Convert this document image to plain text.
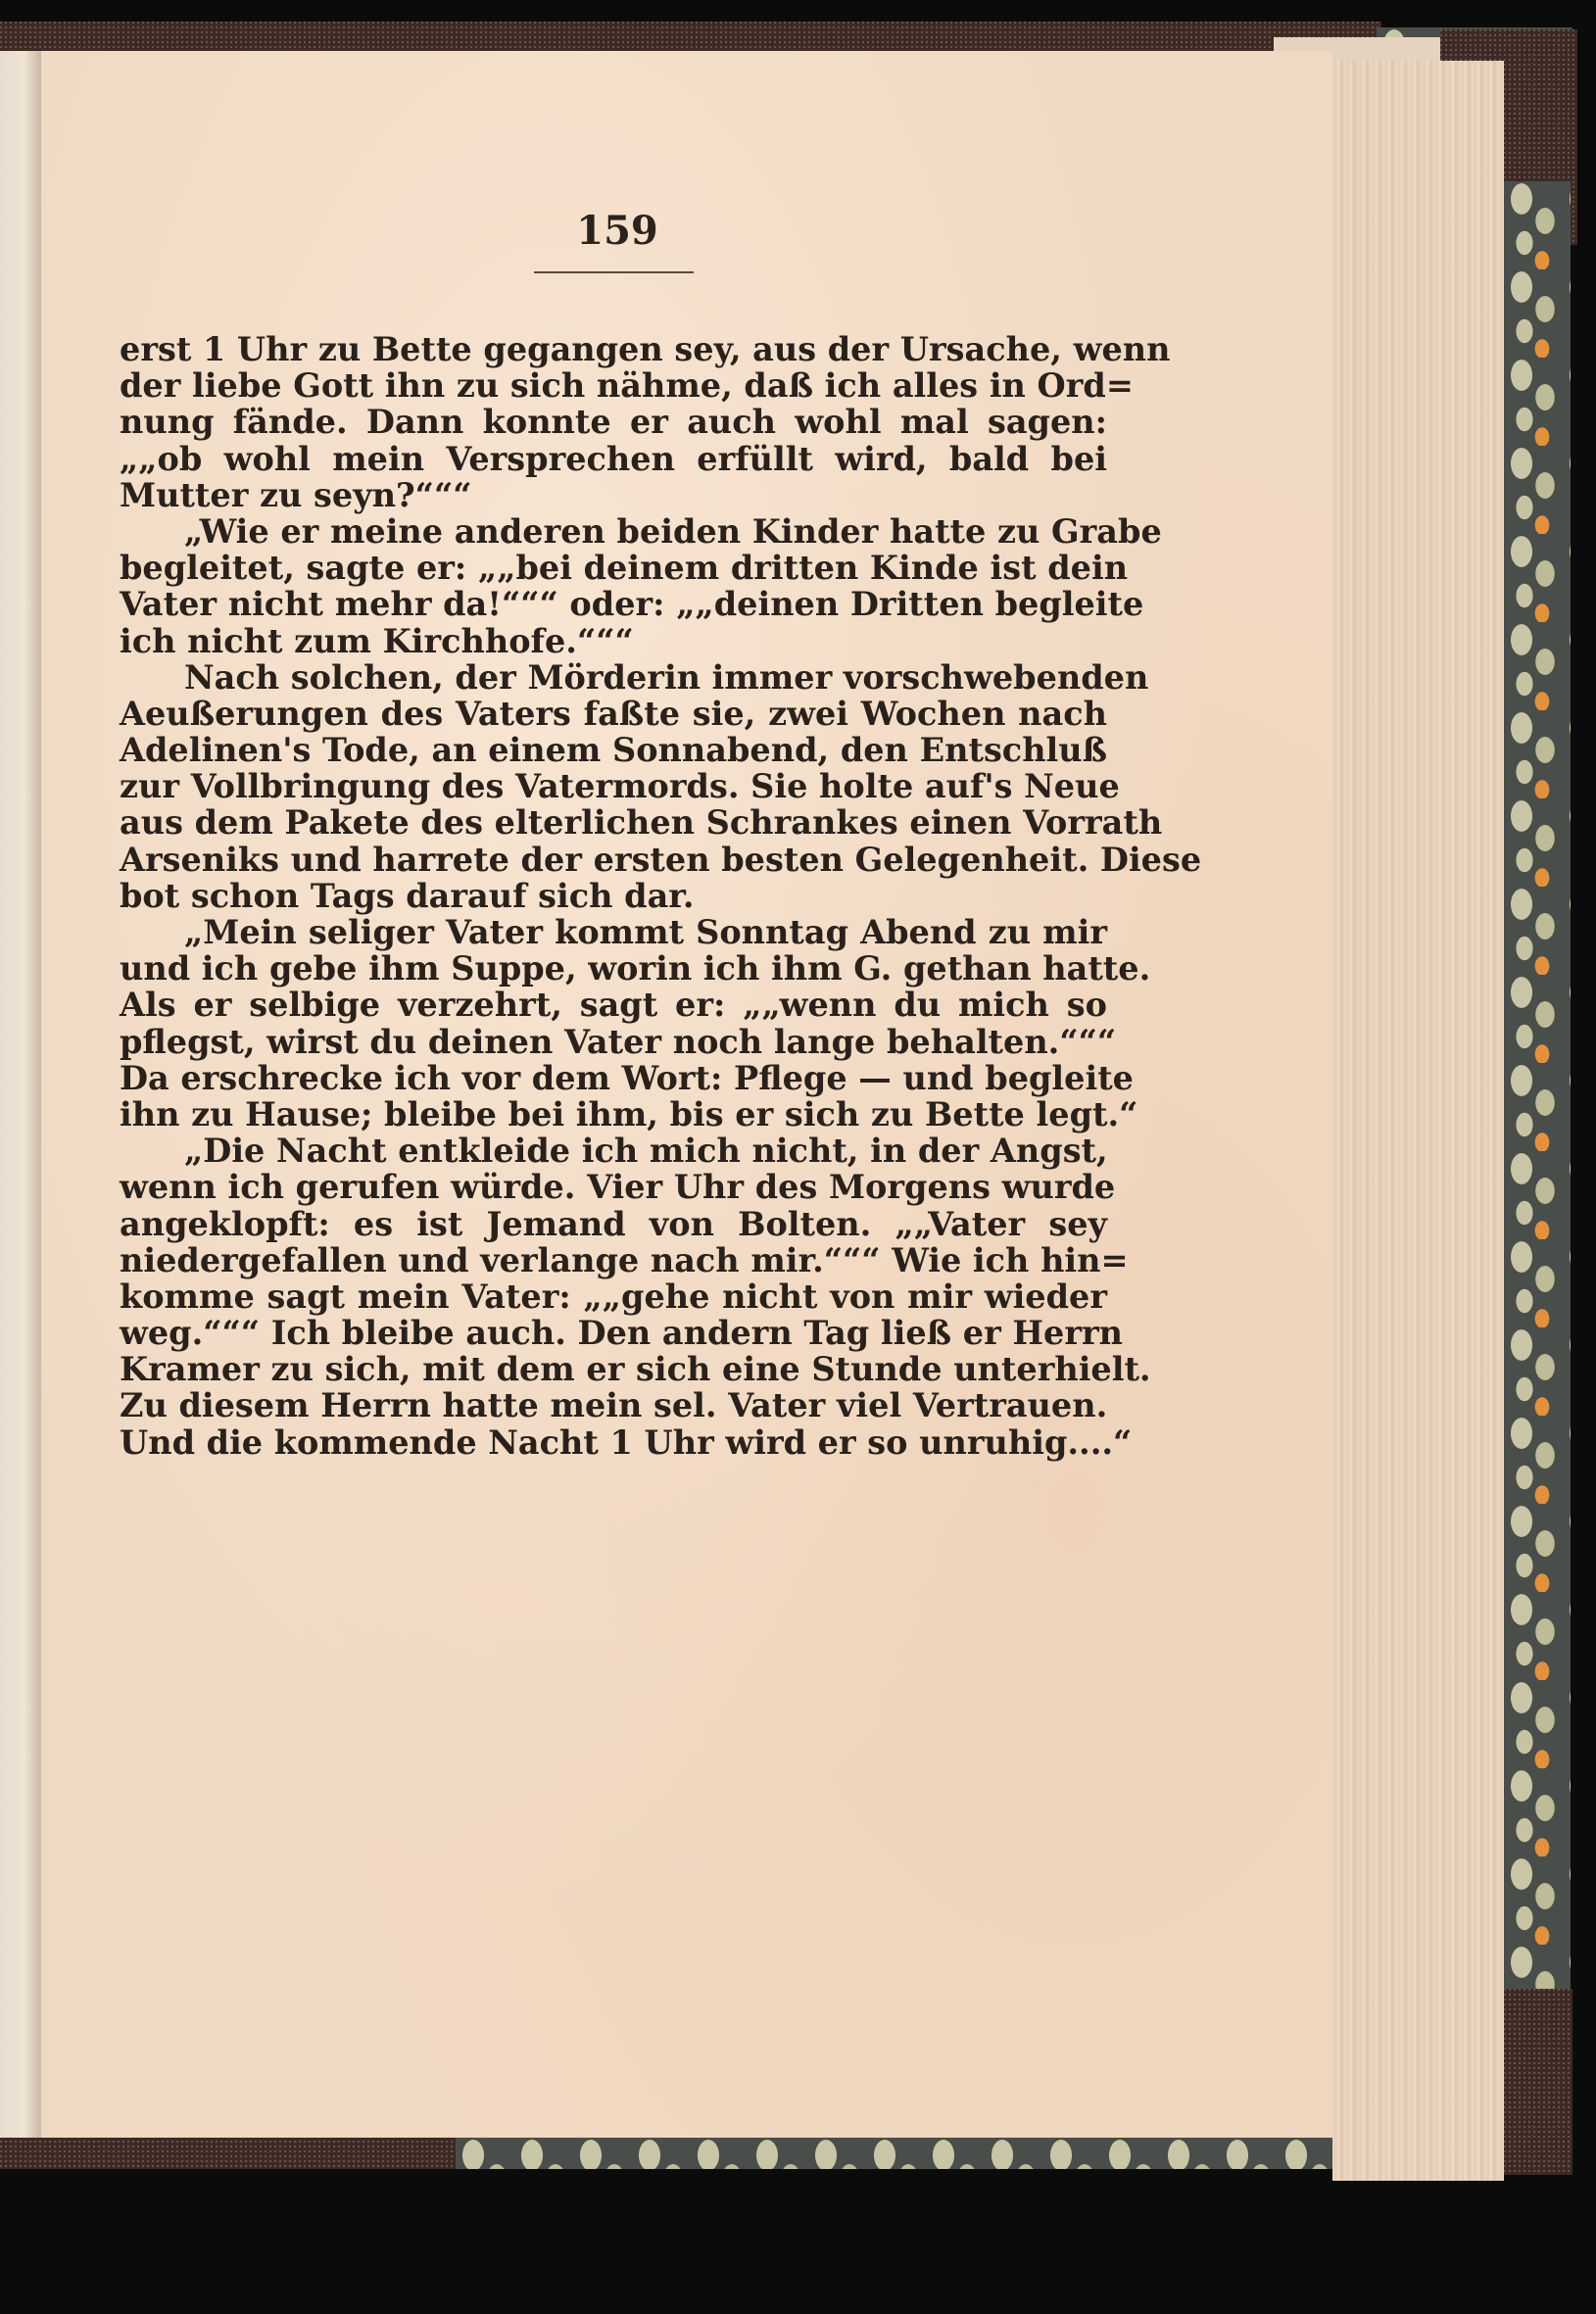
159
erst 1 Uhr zu Bette gegangen sey, aus der Ursache, wenn
der liebe Gott ihn zu sich nähme, daß ich alles in Ord=
nung fände. Dann konnte er auch wohl mal sagen:
„„ob wohl mein Versprechen erfüllt wird, bald bei
Mutter zu seyn?“““
„Wie er meine anderen beiden Kinder hatte zu Grabe
begleitet, sagte er: „„bei deinem dritten Kinde ist dein
Vater nicht mehr da!“““ oder: „„deinen Dritten begleite
ich nicht zum Kirchhofe.“““
Nach solchen, der Mörderin immer vorschwebenden
Aeußerungen des Vaters faßte sie, zwei Wochen nach
Adelinen's Tode, an einem Sonnabend, den Entschluß
zur Vollbringung des Vatermords. Sie holte auf's Neue
aus dem Pakete des elterlichen Schrankes einen Vorrath
Arseniks und harrete der ersten besten Gelegenheit. Diese
bot schon Tags darauf sich dar.
„Mein seliger Vater kommt Sonntag Abend zu mir
und ich gebe ihm Suppe, worin ich ihm G. gethan hatte.
Als er selbige verzehrt, sagt er: „„wenn du mich so
pflegst, wirst du deinen Vater noch lange behalten.“““
Da erschrecke ich vor dem Wort: Pflege — und begleite
ihn zu Hause; bleibe bei ihm, bis er sich zu Bette legt.“
„Die Nacht entkleide ich mich nicht, in der Angst,
wenn ich gerufen würde. Vier Uhr des Morgens wurde
angeklopft: es ist Jemand von Bolten. „„Vater sey
niedergefallen und verlange nach mir.“““ Wie ich hin=
komme sagt mein Vater: „„gehe nicht von mir wieder
weg.“““ Ich bleibe auch. Den andern Tag ließ er Herrn
Kramer zu sich, mit dem er sich eine Stunde unterhielt.
Zu diesem Herrn hatte mein sel. Vater viel Vertrauen.
Und die kommende Nacht 1 Uhr wird er so unruhig....“
